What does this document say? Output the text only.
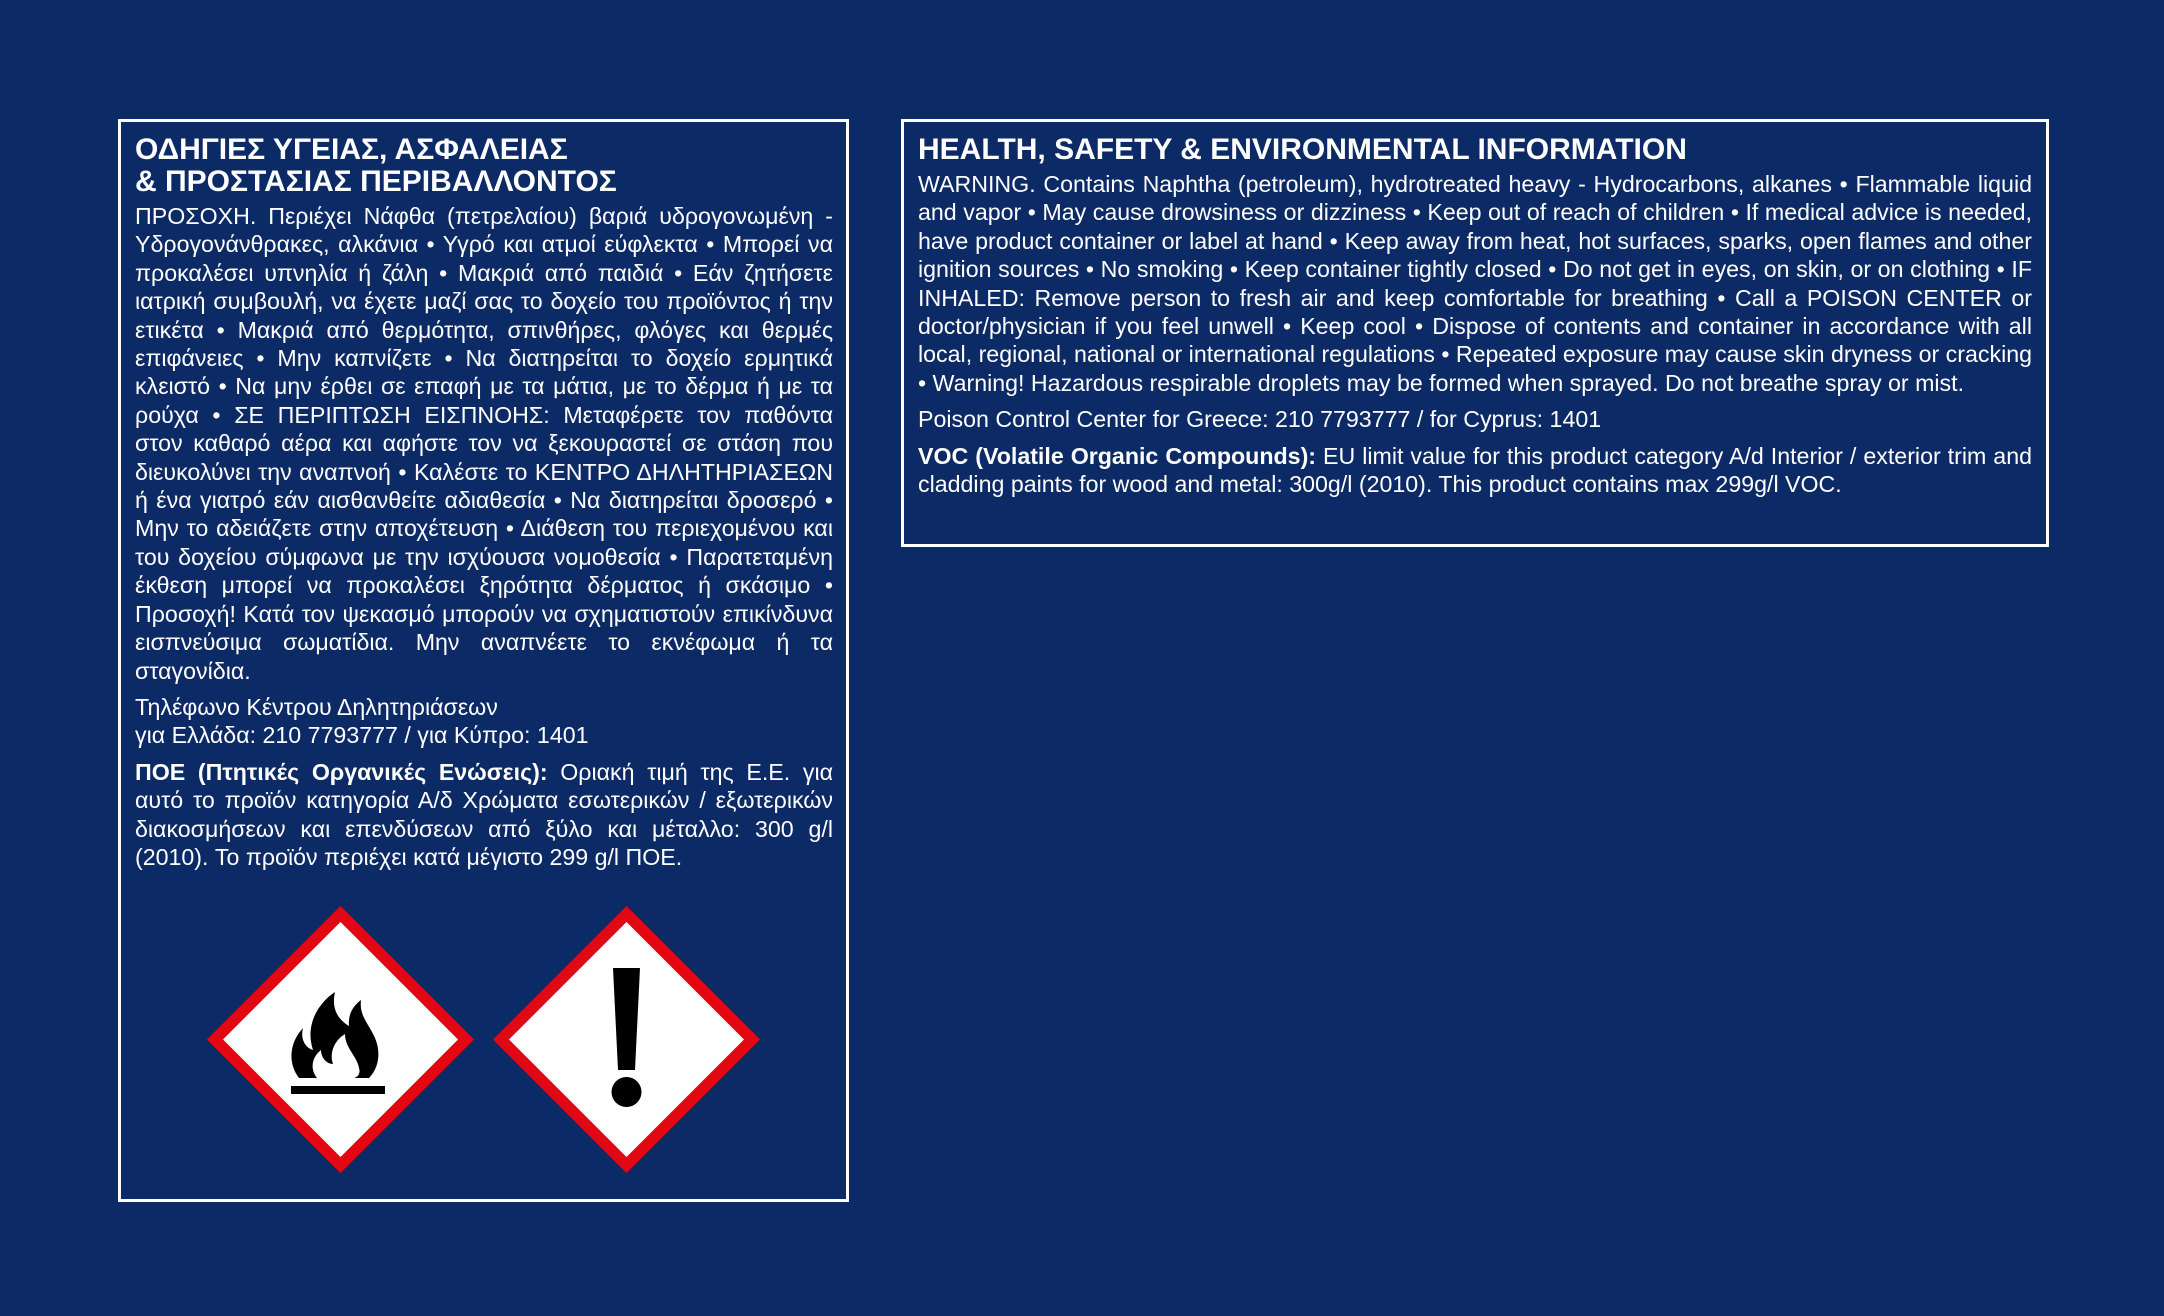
ΟΔΗΓΙΕΣ ΥΓΕΙΑΣ, ΑΣΦΑΛΕΙΑΣ
& ΠΡΟΣΤΑΣΙΑΣ ΠΕΡΙΒΑΛΛΟΝΤΟΣ

ΠΡΟΣΟΧΗ. Περιέχει Νάφθα (πετρελαίου) βαριά υδρογονωμένη - Υδρογονάνθρακες, αλκάνια • Υγρό και ατμοί εύφλεκτα • Μπορεί να προκαλέσει υπνηλία ή ζάλη • Μακριά από παιδιά • Εάν ζητήσετε ιατρική συμβουλή, να έχετε μαζί σας το δοχείο του προϊόντος ή την ετικέτα • Μακριά από θερμότητα, σπινθήρες, φλόγες και θερμές επιφάνειες • Μην καπνίζετε • Να διατηρείται το δοχείο ερμητικά κλειστό • Να μην έρθει σε επαφή με τα μάτια, με το δέρμα ή με τα ρούχα • ΣΕ ΠΕΡΙΠΤΩΣΗ ΕΙΣΠΝΟΗΣ: Μεταφέρετε τον παθόντα στον καθαρό αέρα και αφήστε τον να ξεκουραστεί σε στάση που διευκολύνει την αναπνοή • Καλέστε το ΚΕΝΤΡΟ ΔΗΛΗΤΗΡΙΑΣΕΩΝ ή ένα γιατρό εάν αισθανθείτε αδιαθεσία • Να διατηρείται δροσερό • Μην το αδειάζετε στην αποχέτευση • Διάθεση του περιεχομένου και του δοχείου σύμφωνα με την ισχύουσα νομοθεσία • Παρατεταμένη έκθεση μπορεί να προκαλέσει ξηρότητα δέρματος ή σκάσιμο • Προσοχή! Κατά τον ψεκασμό μπορούν να σχηματιστούν επικίνδυνα εισπνεύσιμα σωματίδια. Μην αναπνέετε το εκνέφωμα ή τα σταγονίδια.

Τηλέφωνο Κέντρου Δηλητηριάσεων
για Ελλάδα: 210 7793777 / για Κύπρο: 1401

ΠΟΕ (Πτητικές Οργανικές Ενώσεις): Οριακή τιμή της Ε.Ε. για αυτό το προϊόν κατηγορία Α/δ Χρώματα εσωτερικών / εξωτερικών διακοσμήσεων και επενδύσεων από ξύλο και μέταλλο: 300 g/l (2010). Το προϊόν περιέχει κατά μέγιστο 299 g/l ΠΟΕ.

HEALTH, SAFETY & ENVIRONMENTAL INFORMATION

WARNING. Contains Naphtha (petroleum), hydrotreated heavy - Hydrocarbons, alkanes • Flammable liquid and vapor • May cause drowsiness or dizziness • Keep out of reach of children • If medical advice is needed, have product container or label at hand • Keep away from heat, hot surfaces, sparks, open flames and other ignition sources • No smoking • Keep container tightly closed • Do not get in eyes, on skin, or on clothing • IF INHALED: Remove person to fresh air and keep comfortable for breathing • Call a POISON CENTER or doctor/physician if you feel unwell • Keep cool • Dispose of contents and container in accordance with all local, regional, national or international regulations • Repeated exposure may cause skin dryness or cracking • Warning! Hazardous respirable droplets may be formed when sprayed. Do not breathe spray or mist.

Poison Control Center for Greece: 210 7793777 / for Cyprus: 1401

VOC (Volatile Organic Compounds): EU limit value for this product category A/d Interior / exterior trim and cladding paints for wood and metal: 300g/l (2010). This product contains max 299g/l VOC.
